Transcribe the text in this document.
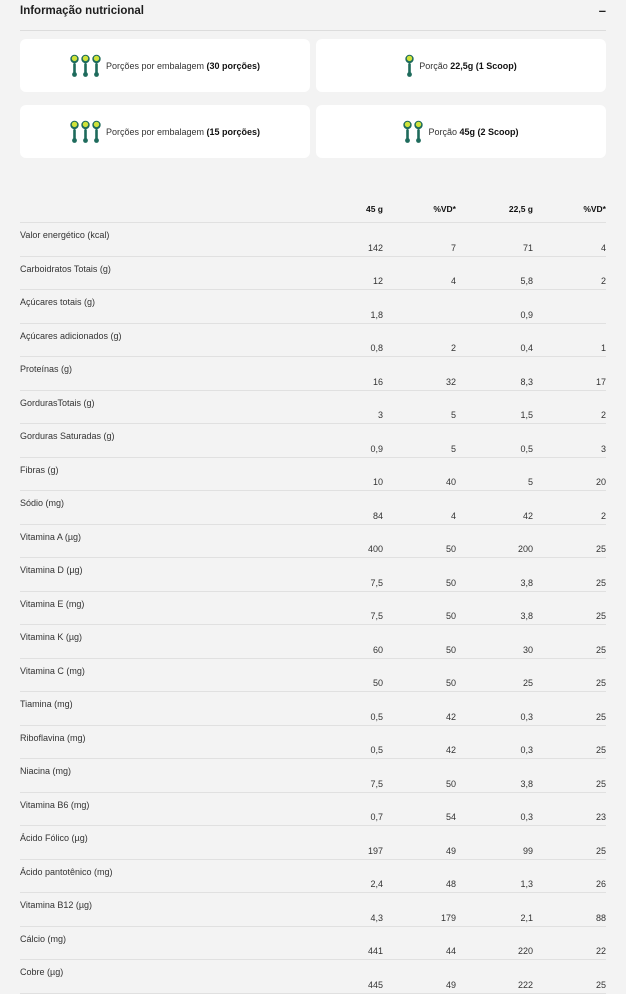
Informação nutricional	–
Porções por embalagem (30 porções)	Porção 22,5g (1 Scoop)
Porções por embalagem (15 porções)	Porção 45g (2 Scoop)
	45 g	%VD*	22,5 g	%VD*
Valor energético (kcal)	142	7	71	4
Carboidratos Totais (g)	12	4	5,8	2
Açúcares totais (g)	1,8		0,9	
Açúcares adicionados (g)	0,8	2	0,4	1
Proteínas (g)	16	32	8,3	17
GordurasTotais (g)	3	5	1,5	2
Gorduras Saturadas (g)	0,9	5	0,5	3
Fibras (g)	10	40	5	20
Sódio (mg)	84	4	42	2
Vitamina A (µg)	400	50	200	25
Vitamina D (µg)	7,5	50	3,8	25
Vitamina E (mg)	7,5	50	3,8	25
Vitamina K (µg)	60	50	30	25
Vitamina C (mg)	50	50	25	25
Tiamina (mg)	0,5	42	0,3	25
Riboflavina (mg)	0,5	42	0,3	25
Niacina (mg)	7,5	50	3,8	25
Vitamina B6 (mg)	0,7	54	0,3	23
Ácido Fólico (µg)	197	49	99	25
Ácido pantotênico (mg)	2,4	48	1,3	26
Vitamina B12 (µg)	4,3	179	2,1	88
Cálcio (mg)	441	44	220	22
Cobre (µg)	445	49	222	25
